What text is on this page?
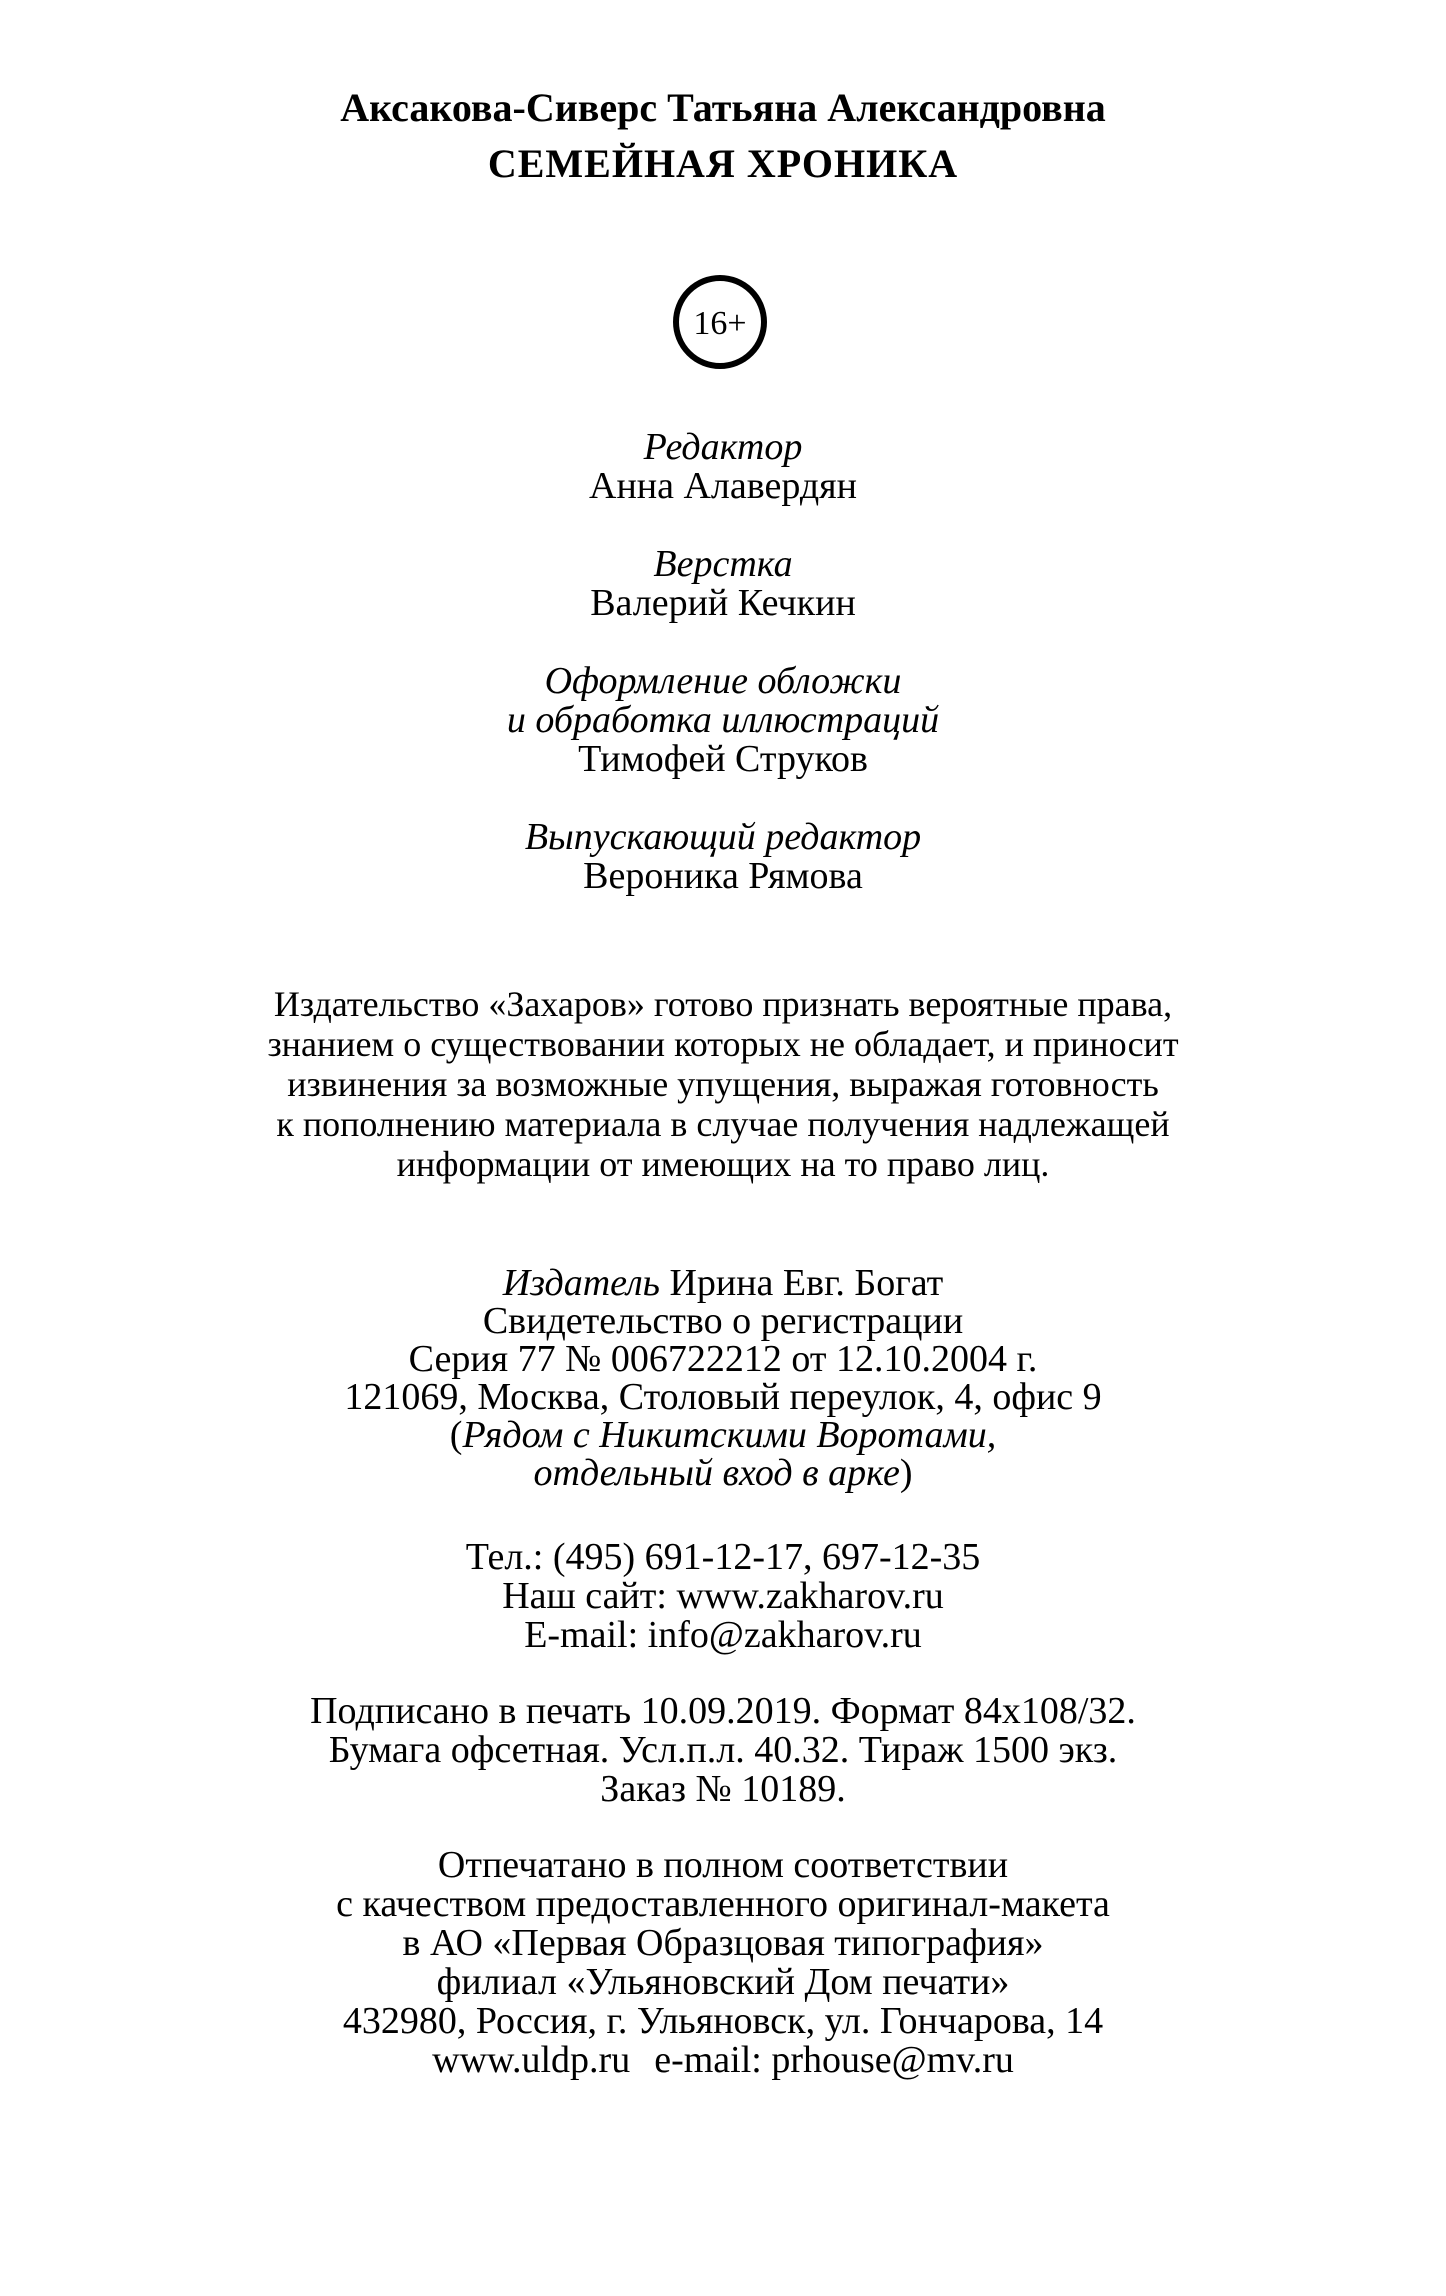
Аксакова-Сиверс Татьяна Александровна
СЕМЕЙНАЯ ХРОНИКА
16+
Редактор
Анна Алавердян
Верстка
Валерий Кечкин
Оформление обложки
и обработка иллюстраций
Тимофей Струков
Выпускающий редактор
Вероника Рямова
Издательство «Захаров» готово признать вероятные права,
знанием о существовании которых не обладает, и приносит
извинения за возможные упущения, выражая готовность
к пополнению материала в случае получения надлежащей
информации от имеющих на то право лиц.
Издатель Ирина Евг. Богат
Свидетельство о регистрации
Серия 77 № 006722212 от 12.10.2004 г.
121069, Москва, Столовый переулок, 4, офис 9
(Рядом с Никитскими Воротами,
отдельный вход в арке)
Тел.: (495) 691-12-17, 697-12-35
Наш сайт: www.zakharov.ru
E-mail: info@zakharov.ru
Подписано в печать 10.09.2019. Формат 84х108/32.
Бумага офсетная. Усл.п.л. 40.32. Тираж 1500 экз.
Заказ № 10189.
Отпечатано в полном соответствии
с качеством предоставленного оригинал-макета
в АО «Первая Образцовая типография»
филиал «Ульяновский Дом печати»
432980, Россия, г. Ульяновск, ул. Гончарова, 14
www.uldp.ru e-mail: prhouse@mv.ru
